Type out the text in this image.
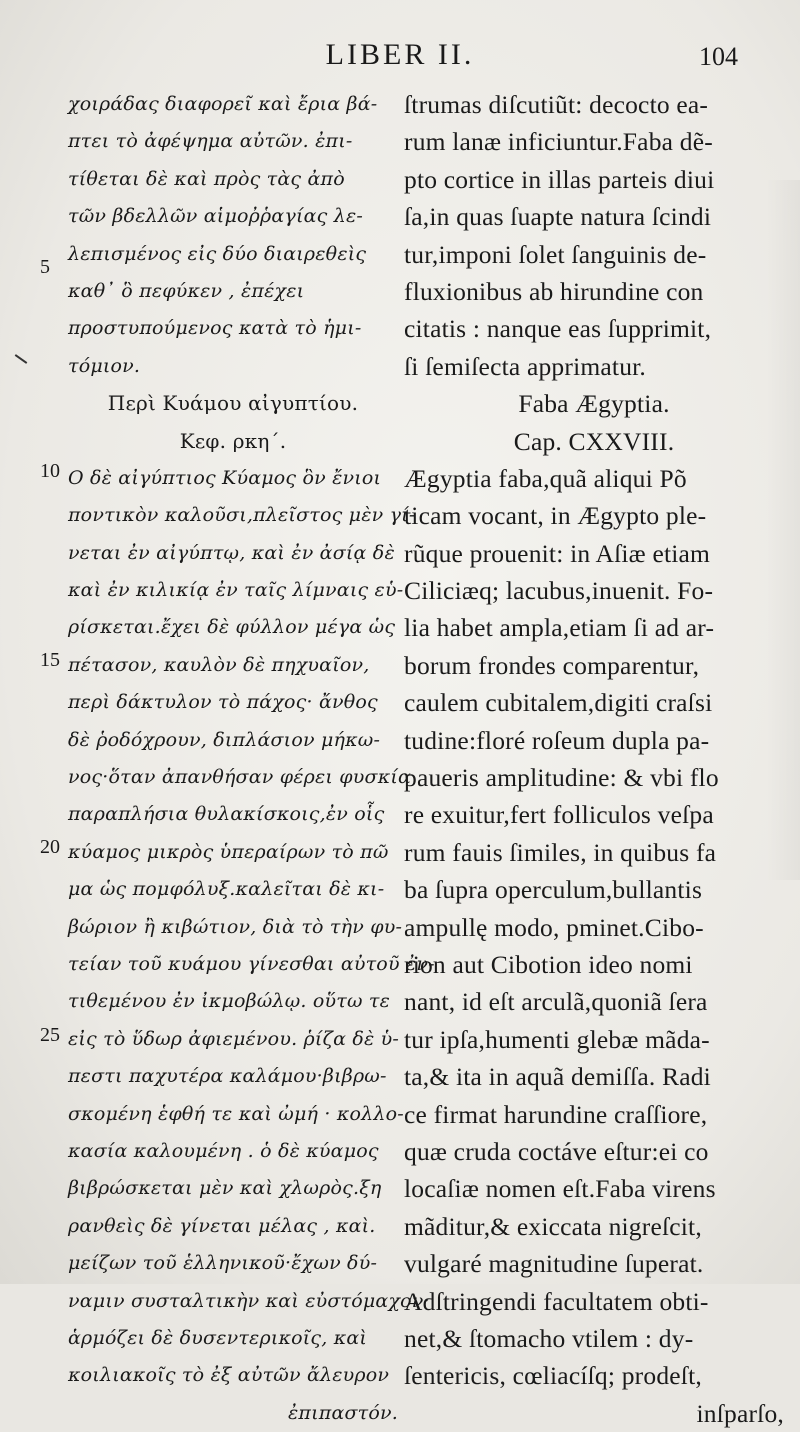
LIBER II.	104
5
10
15
20
25
χοιράδας διαφορεῖ καὶ ἔρια βά-
πτει τὸ ἀφέψημα αὐτῶν. ἐπι-
τίθεται δὲ καὶ πρὸς τὰς ἀπὸ
τῶν βδελλῶν αἱμοῤῥαγίας λε-
λεπισμένος εἰς δύο διαιρεθεὶς
καθ᾽ ὃ πεφύκεν , ἐπέχει
προστυπούμενος κατὰ τὸ ἡμι-
τόμιον.
Περὶ Κυάμου αἰγυπτίου.
Κεφ. ρκη΄.
Ο δὲ αἰγύπτιος Κύαμος ὃν ἔνιοι
ποντικὸν καλοῦσι,πλεῖστος μὲν γί-
νεται ἐν αἰγύπτῳ, καὶ ἐν ἀσίᾳ δὲ
καὶ ἐν κιλικίᾳ ἐν ταῖς λίμναις εὑ-
ρίσκεται.ἔχει δὲ φύλλον μέγα ὡς
πέτασον, καυλὸν δὲ πηχυαῖον,
περὶ δάκτυλον τὸ πάχος· ἄνθος
δὲ ῥοδόχρουν, διπλάσιον μήκω-
νος·ὅταν ἀπανθήσαν φέρει φυσκία
παραπλήσια θυλακίσκοις,ἐν οἷς
κύαμος μικρὸς ὑπεραίρων τὸ πῶ
μα ὡς πομφόλυξ.καλεῖται δὲ κι-
βώριον ἢ κιβώτιον, διὰ τὸ τὴν φυ-
τείαν τοῦ κυάμου γίνεσθαι αὐτοῦ ἐν-
τιθεμένου ἐν ἰκμοβώλῳ. οὕτω τε
εἰς τὸ ὕδωρ ἀφιεμένου. ῥίζα δὲ ὑ-
πεστι παχυτέρα καλάμου·βιβρω-
σκομένη ἑφθή τε καὶ ὠμή · κολλο-
κασία καλουμένη . ὁ δὲ κύαμος
βιβρώσκεται μὲν καὶ χλωρὸς.ξη
ρανθεὶς δὲ γίνεται μέλας , καὶ.
μείζων τοῦ ἑλληνικοῦ·ἔχων δύ-
ναμιν συσταλτικὴν καὶ εὐστόμαχον·
ἁρμόζει δὲ δυσεντερικοῖς, καὶ
κοιλιακοῖς τὸ ἐξ αὐτῶν ἄλευρον
ἐπιπαστόν.
ſtrumas diſcutiũt: decocto ea-
rum lanæ inficiuntur.Faba dẽ-
pto cortice in illas parteis diui
ſa,in quas ſuapte natura ſcindi
tur,imponi ſolet ſanguinis de-
fluxionibus ab hirundine con
citatis : nanque eas ſupprimit,
ſi ſemiſecta apprimatur.
Faba Ægyptia.
Cap. CXXVIII.
Ægyptia faba,quã aliqui Põ
ticam vocant, in Ægypto ple-
rũque prouenit: in Aſiæ etiam
Ciliciæq; lacubus,inuenit. Fo-
lia habet ampla,etiam ſi ad ar-
borum frondes comparentur,
caulem cubitalem,digiti craſsi
tudine:floré roſeum dupla pa-
paueris amplitudine: & vbi flo
re exuitur,fert folliculos veſpa
rum fauis ſimiles, in quibus fa
ba ſupra operculum,bullantis
ampullę modo, pminet.Cibo-
rion aut Cibotion ideo nomi
nant, id eſt arculã,quoniã ſera
tur ipſa,humenti glebæ mãda-
ta,& ita in aquã demiſſa. Radi
ce firmat harundine craſſiore,
quæ cruda coctáve eſtur:ei co
locaſiæ nomen eſt.Faba virens
mãditur,& exiccata nigreſcit,
vulgaré magnitudine ſuperat.
Adſtringendi facultatem obti-
net,& ſtomacho vtilem : dy-
ſentericis, cœliacíſq; prodeſt,
inſparſo,
